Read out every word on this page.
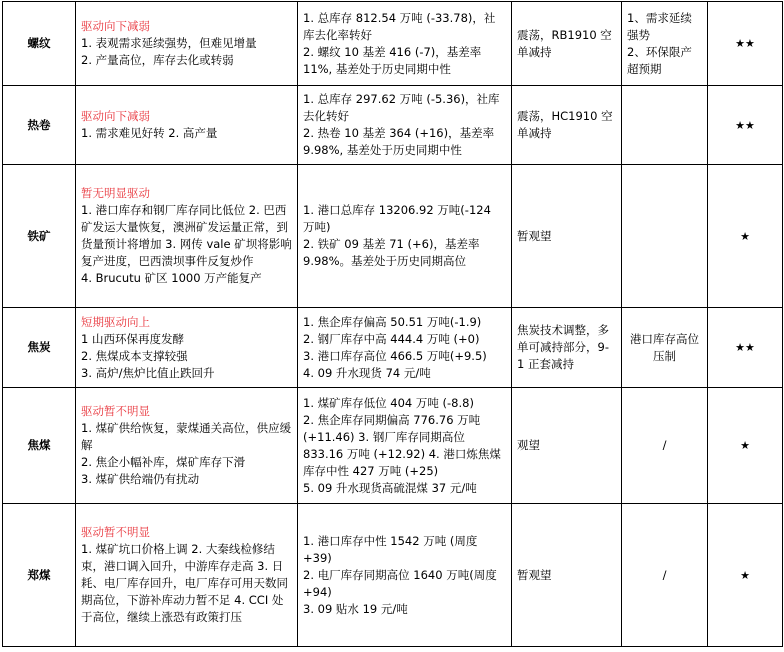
螺纹	驱动向下减弱
1. 表观需求延续强势，但难见增量
2. 产量高位，库存去化或转弱	1. 总库存 812.54 万吨 (-33.78)，社库去化率转好
2. 螺纹 10 基差 416 (-7)，基差率 11%, 基差处于历史同期中性	震荡，RB1910 空单减持	1、需求延续强势
2、环保限产超预期	★★
热卷	驱动向下减弱
1. 需求难见好转 2. 高产量	1. 总库存 297.62 万吨 (-5.36)，社库去化转好
2. 热卷 10 基差 364 (+16)，基差率 9.98%, 基差处于历史同期中性	震荡，HC1910 空单减持		★★
铁矿	暂无明显驱动
1. 港口库存和钢厂库存同比低位 2. 巴西矿发运大量恢复，澳洲矿发运量正常，到货量预计将增加 3. 网传 vale 矿坝将影响复产进度，巴西溃坝事件反复炒作
4. Brucutu 矿区 1000 万产能复产	1. 港口总库存 13206.92 万吨(-124 万吨)
2. 铁矿 09 基差 71 (+6)，基差率 9.98%。基差处于历史同期高位	暂观望		★
焦炭	短期驱动向上
1 山西环保再度发酵
2. 焦煤成本支撑较强
3. 高炉/焦炉比值止跌回升	1. 焦企库存偏高 50.51 万吨(-1.9)
2. 钢厂库存中高 444.4 万吨 (+0)
3. 港口库存高位 466.5 万吨(+9.5)
4. 09 升水现货 74 元/吨	焦炭技术调整，多单可减持部分，9-1 正套减持	港口库存高位压制	★★
焦煤	驱动暂不明显
1. 煤矿供给恢复，蒙煤通关高位，供应缓解
2. 焦企小幅补库，煤矿库存下滑
3. 煤矿供给端仍有扰动	1. 煤矿库存低位 404 万吨 (-8.8)
2. 焦企库存同期偏高 776.76 万吨 (+11.46) 3. 钢厂库存同期高位 833.16 万吨 (+12.92) 4. 港口炼焦煤库存中性 427 万吨 (+25)
5. 09 升水现货高硫混煤 37 元/吨	观望	/	★
郑煤	驱动暂不明显
1. 煤矿坑口价格上调 2. 大秦线检修结束，港口调入回升，中游库存走高 3. 日耗、电厂库存回升，电厂库存可用天数同期高位，下游补库动力暂不足 4. CCI 处于高位，继续上涨恐有政策打压	1. 港口库存中性 1542 万吨 (周度+39)
2. 电厂库存同期高位 1640 万吨(周度+94)
3. 09 贴水 19 元/吨	暂观望	/	★
